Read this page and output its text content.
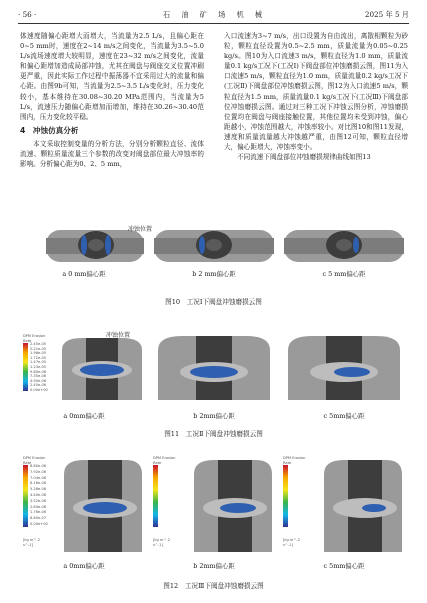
· 56 ·	石　油　矿　场　机　械	2025 年 5 月

体速度随偏心距增大而增大，当流量为2.5 L/s，且偏心距在0~5 mm时，速度在2~14 m/s之间变化，当流量为3.5~5.0 L/s流场速度增大较明显，速度在23~32 m/s之间变化，流量和偏心距增加造成局部冲蚀，尤其在阀盘与阀座交叉位置冲刷更严重，因此实际工作过程中振荡器不宜采用过大的流量和偏心距。由图9b可知，当流量为2.5~3.5 L/s变化时，压力变化较小，基本维持在30.08~30.20 MPa范围内，当流量为5 L/s，流速压力随偏心距增加而增加，维持在30.26~30.40范围内，压力变化较平稳。

4　冲蚀仿真分析

本文采取控制变量的分析方法，分别分析颗粒直径、流体流速、颗粒质量流量三个参数的改变对阀盘部位最大冲蚀率的影响。分析偏心距为0、2、5 mm，

入口流速为3~7 m/s，出口设置为自由流出，离散相颗粒为砂粒，颗粒直径设置为0.5~2.5 mm，质量流量为0.05~0.25 kg/s。图10为入口流速3 m/s，颗粒直径为1.0 mm，质量流量0.1 kg/s工况下(工况Ⅰ)下阀盘部位冲蚀磨损云图，图11为入口流速5 m/s，颗粒直径为1.0 mm，质量流量0.2 kg/s工况下(工况Ⅱ)下阀盘部位冲蚀磨损云图，图12为入口流速5 m/s，颗粒直径为1.5 mm，质量流量0.1 kg/s工况下(工况Ⅲ)下阀盘部位冲蚀磨损云图。通过对三种工况下冲蚀云图分析，冲蚀磨损位置均在阀盘与阀座接触位置，其他位置均未受到冲蚀，偏心距越小，冲蚀范围越大，冲蚀率较小。对比图10和图11发现，速度和质量流量越大冲蚀越严重，由图12可知，颗粒直径增大，偏心距增大，冲蚀率变小。

不同流速下阀盘部位冲蚀磨损规律曲线如图13

a 0 mm偏心距	b 2 mm偏心距	c 5 mm偏心距
冲蚀位置
图10　工况Ⅰ下阀盘冲蚀磨损云图
DPM Erosion Rate
2.45e-05
2.21e-05
1.96e-05
1.72e-05
1.47e-05
1.23e-05
9.80e-06
7.35e-06
4.90e-06
2.45e-06
0.00e+00
a 0mm偏心距	b 2mm偏心距	c 5mm偏心距
冲蚀位置
图11　工况Ⅱ下阀盘冲蚀磨损云图
DPM Erosion Rate
8.80e-06
7.92e-06
7.04e-06
6.16e-06
5.28e-06
4.40e-06
3.52e-06
2.64e-06
1.76e-06
8.80e-07
0.00e+00
[kg m^-2 s^-1]
a 0mm偏心距
DPM Erosion Rate
[kg m^-2 s^-1]
b 2mm偏心距
DPM Erosion Rate
[kg m^-2 s^-1]
c 5mm偏心距
图12　工况Ⅲ下阀盘冲蚀磨损云图
